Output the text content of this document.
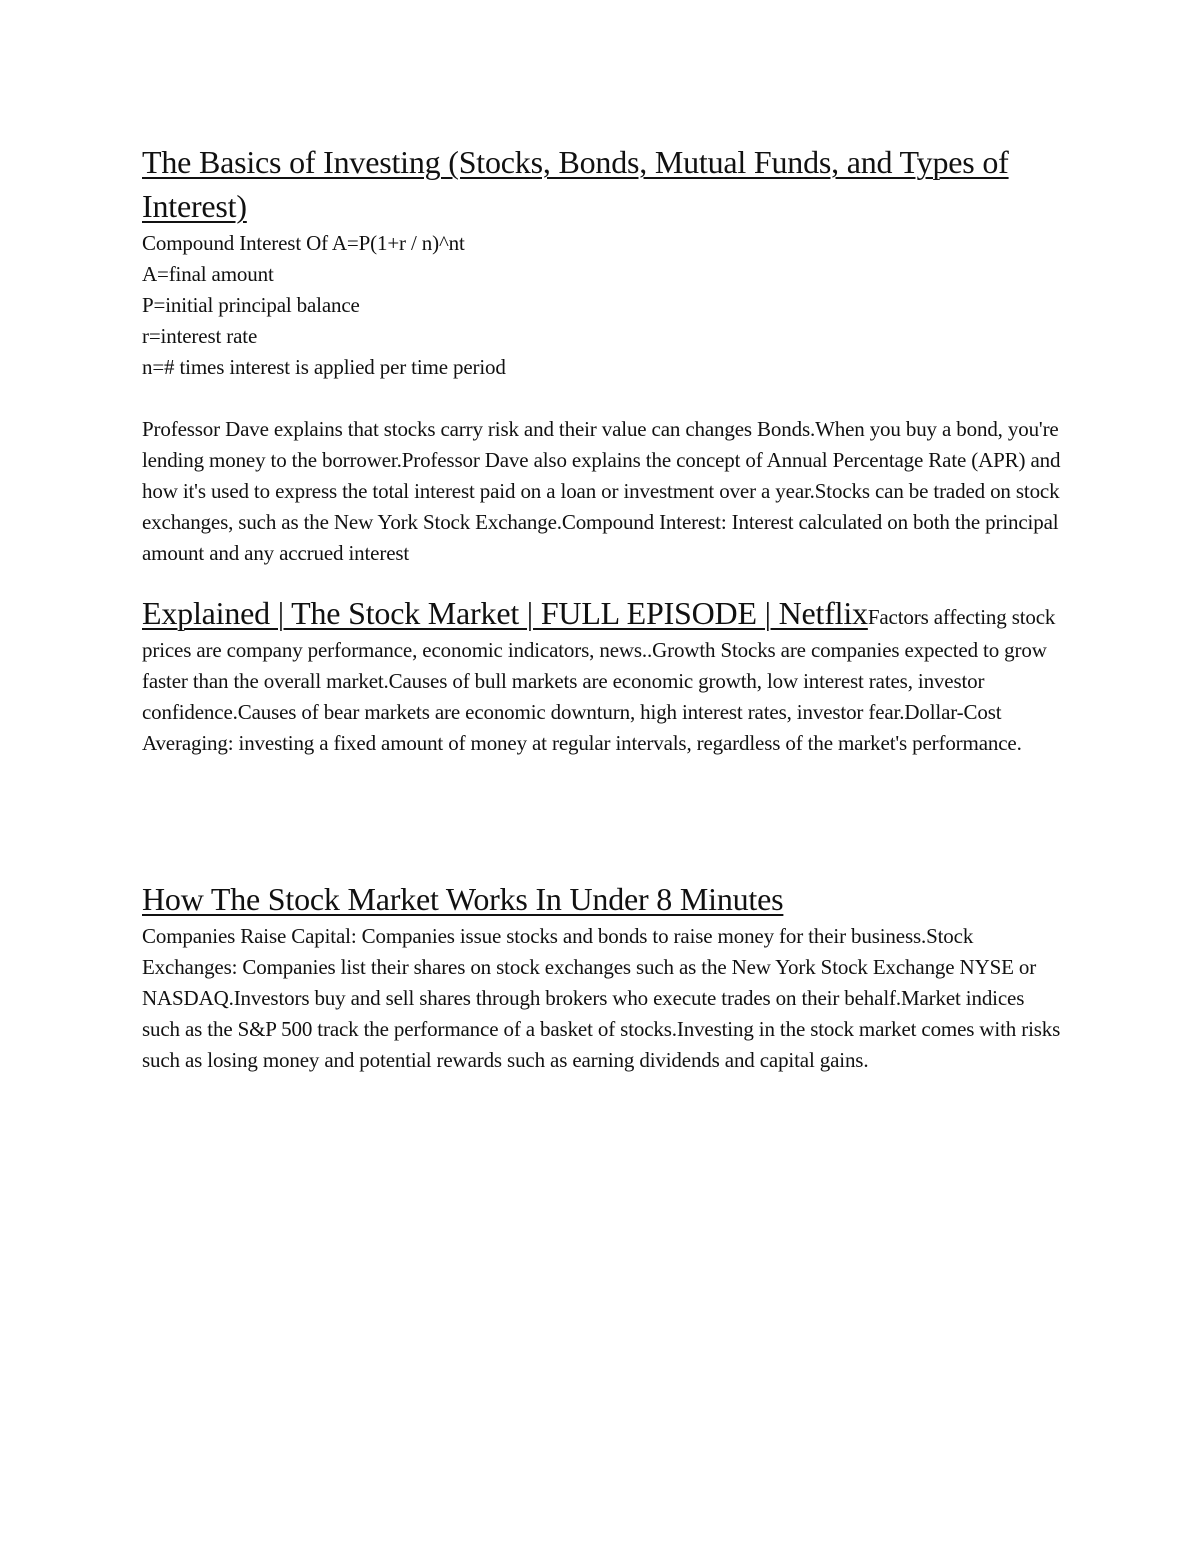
The Basics of Investing (Stocks, Bonds, Mutual Funds, and Types of Interest)
Compound Interest Of A=P(1+r / n)^nt
A=final amount
P=initial principal balance
r=interest rate
n=# times interest is applied per time period

Professor Dave explains that stocks carry risk and their value can changes Bonds.When you buy a bond, you're lending money to the borrower.Professor Dave also explains the concept of Annual Percentage Rate (APR) and how it's used to express the total interest paid on a loan or investment over a year.Stocks can be traded on stock exchanges, such as the New York Stock Exchange.Compound Interest: Interest calculated on both the principal amount and any accrued interest

Explained | The Stock Market | FULL EPISODE | NetflixFactors affecting stock prices are company performance, economic indicators, news..Growth Stocks are companies expected to grow faster than the overall market.Causes of bull markets are economic growth, low interest rates, investor confidence.Causes of bear markets are economic downturn, high interest rates, investor fear.Dollar-Cost Averaging: investing a fixed amount of money at regular intervals, regardless of the market's performance.

How The Stock Market Works In Under 8 Minutes

Companies Raise Capital: Companies issue stocks and bonds to raise money for their business.Stock Exchanges: Companies list their shares on stock exchanges such as the New York Stock Exchange NYSE or NASDAQ.Investors buy and sell shares through brokers who execute trades on their behalf.Market indices such as the S&P 500 track the performance of a basket of stocks.Investing in the stock market comes with risks such as losing money and potential rewards such as earning dividends and capital gains.
